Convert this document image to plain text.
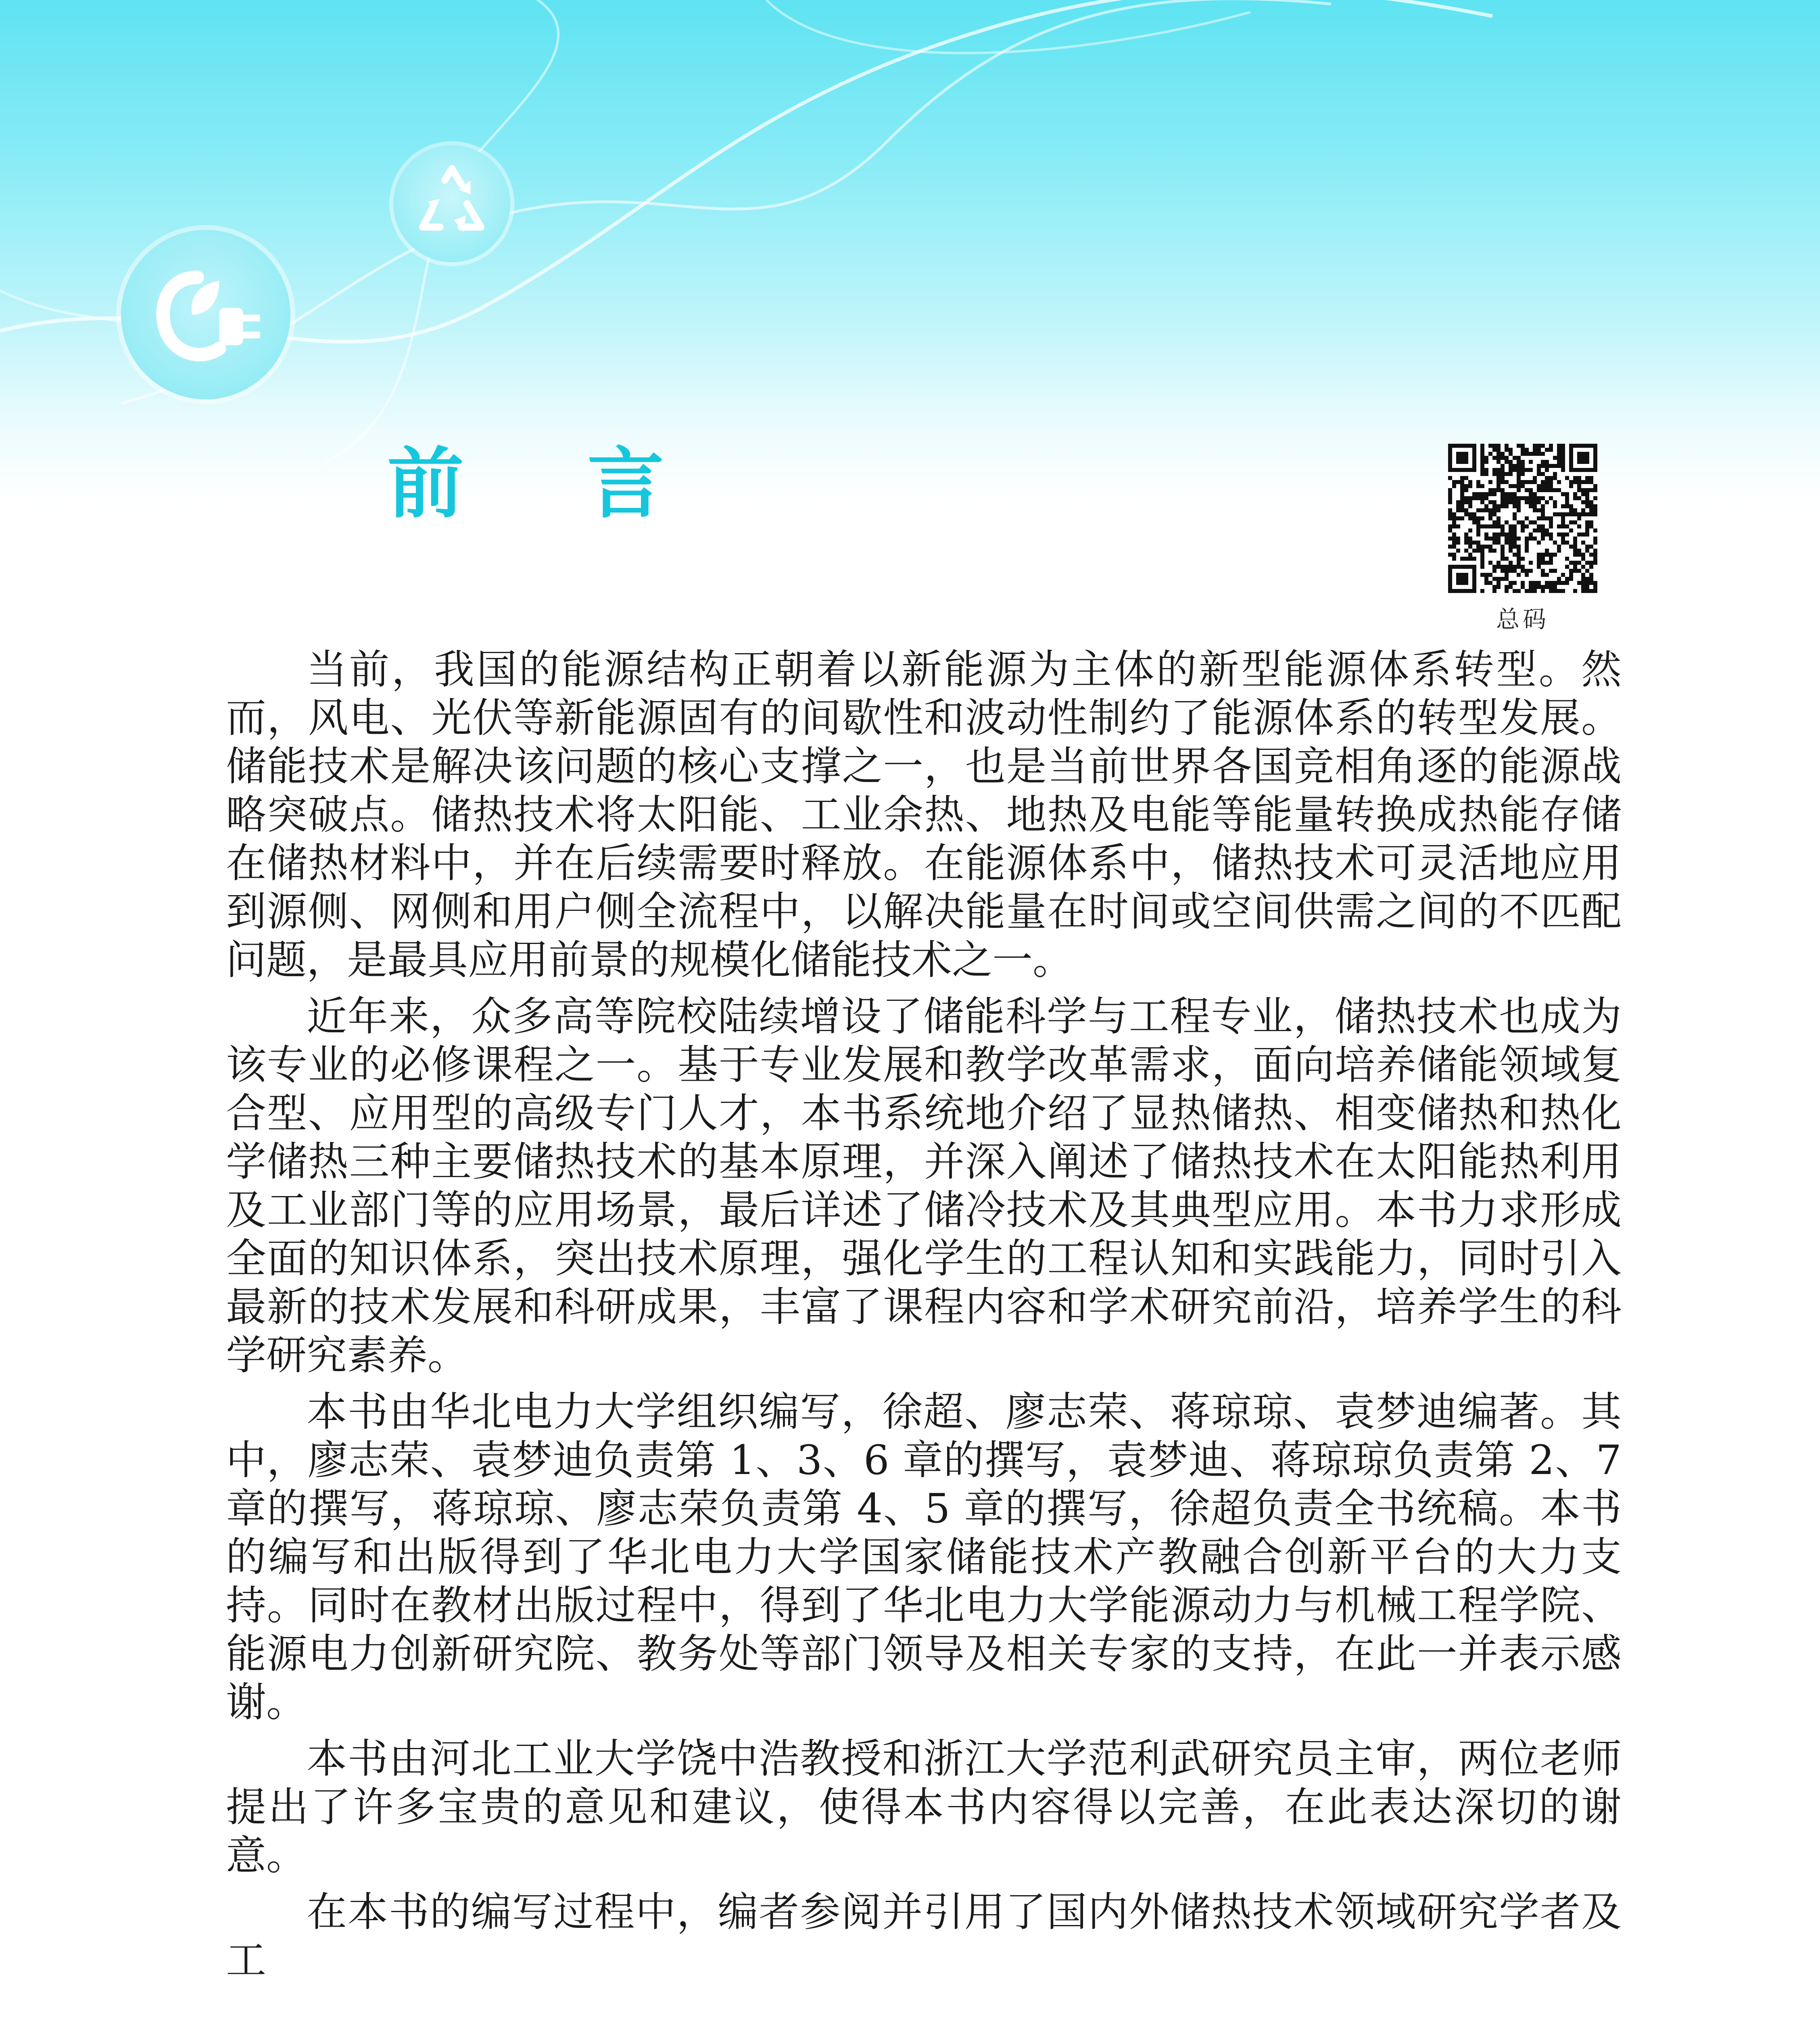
前 言
总码

当前，我国的能源结构正朝着以新能源为主体的新型能源体系转型。然而，风电、光伏等新能源固有的间歇性和波动性制约了能源体系的转型发展。储能技术是解决该问题的核心支撑之一，也是当前世界各国竞相角逐的能源战略突破点。储热技术将太阳能、工业余热、地热及电能等能量转换成热能存储在储热材料中，并在后续需要时释放。在能源体系中，储热技术可灵活地应用到源侧、网侧和用户侧全流程中，以解决能量在时间或空间供需之间的不匹配问题，是最具应用前景的规模化储能技术之一。

近年来，众多高等院校陆续增设了储能科学与工程专业，储热技术也成为该专业的必修课程之一。基于专业发展和教学改革需求，面向培养储能领域复合型、应用型的高级专门人才，本书系统地介绍了显热储热、相变储热和热化学储热三种主要储热技术的基本原理，并深入阐述了储热技术在太阳能热利用及工业部门等的应用场景，最后详述了储冷技术及其典型应用。本书力求形成全面的知识体系，突出技术原理，强化学生的工程认知和实践能力，同时引入最新的技术发展和科研成果，丰富了课程内容和学术研究前沿，培养学生的科学研究素养。

本书由华北电力大学组织编写，徐超、廖志荣、蒋琼琼、袁梦迪编著。其中，廖志荣、袁梦迪负责第 1、3、6 章的撰写，袁梦迪、蒋琼琼负责第 2、7 章的撰写，蒋琼琼、廖志荣负责第 4、5 章的撰写，徐超负责全书统稿。本书的编写和出版得到了华北电力大学国家储能技术产教融合创新平台的大力支持。同时在教材出版过程中，得到了华北电力大学能源动力与机械工程学院、能源电力创新研究院、教务处等部门领导及相关专家的支持，在此一并表示感谢。

本书由河北工业大学饶中浩教授和浙江大学范利武研究员主审，两位老师提出了许多宝贵的意见和建议，使得本书内容得以完善，在此表达深切的谢意。

在本书的编写过程中，编者参阅并引用了国内外储热技术领域研究学者及工
